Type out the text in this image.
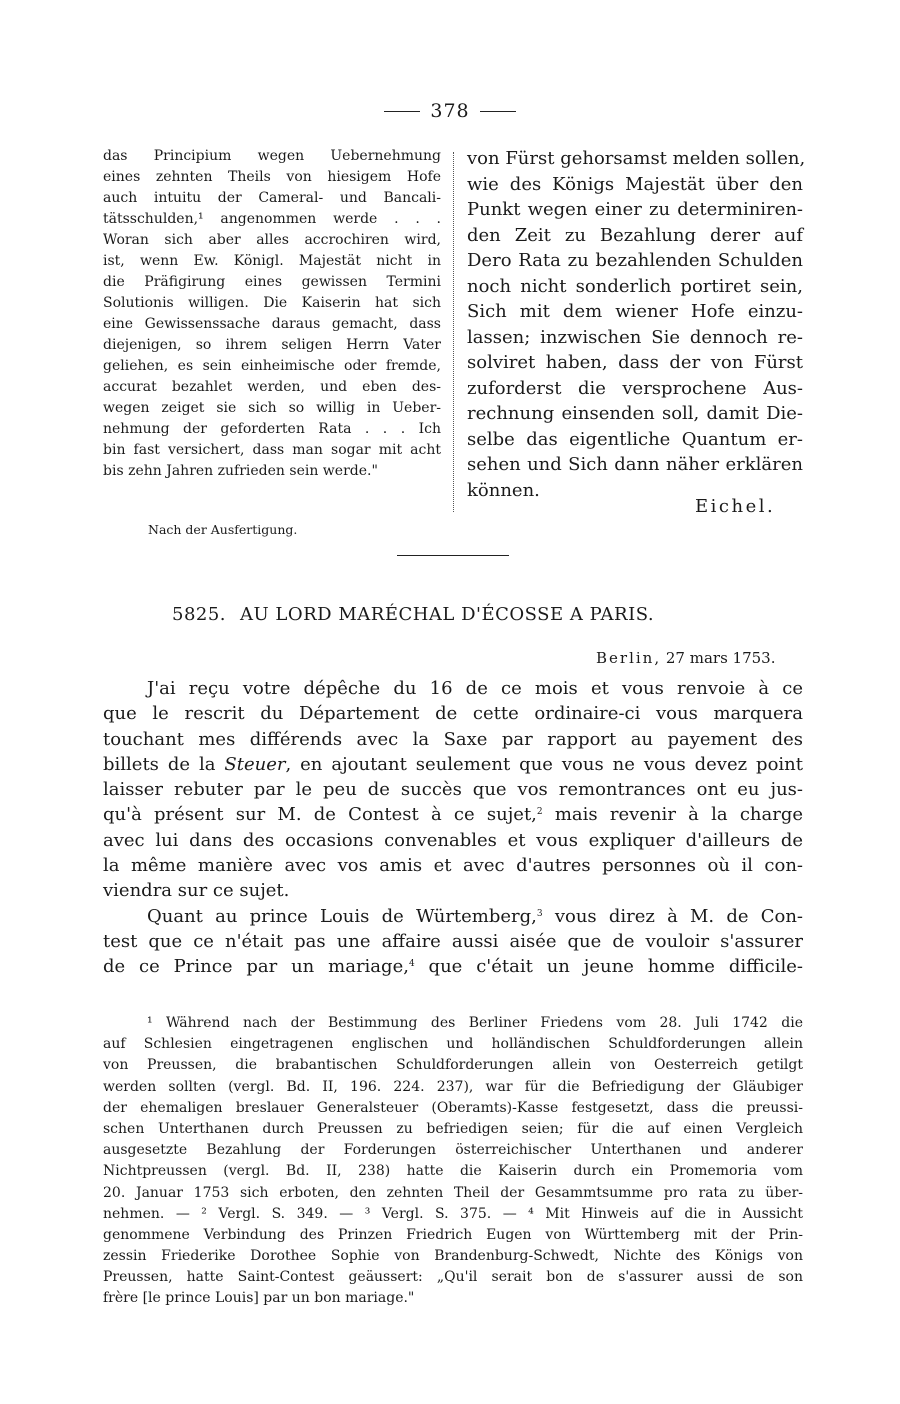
378
das Principium wegen Uebernehmung
eines zehnten Theils von hiesigem Hofe
auch intuitu der Cameral- und Bancali-
tätsschulden,¹ angenommen werde . . .
Woran sich aber alles accrochiren wird,
ist, wenn Ew. Königl. Majestät nicht in
die Präfigirung eines gewissen Termini
Solutionis willigen. Die Kaiserin hat sich
eine Gewissenssache daraus gemacht, dass
diejenigen, so ihrem seligen Herrn Vater
geliehen, es sein einheimische oder fremde,
accurat bezahlet werden, und eben des-
wegen zeiget sie sich so willig in Ueber-
nehmung der geforderten Rata . . . Ich
bin fast versichert, dass man sogar mit acht
bis zehn Jahren zufrieden sein werde."
von Fürst gehorsamst melden sollen,
wie des Königs Majestät über den
Punkt wegen einer zu determiniren-
den Zeit zu Bezahlung derer auf
Dero Rata zu bezahlenden Schulden
noch nicht sonderlich portiret sein,
Sich mit dem wiener Hofe einzu-
lassen; inzwischen Sie dennoch re-
solviret haben, dass der von Fürst
zuforderst die versprochene Aus-
rechnung einsenden soll, damit Die-
selbe das eigentliche Quantum er-
sehen und Sich dann näher erklären
können.
Eichel.
Nach der Ausfertigung.
5825. AU LORD MARÉCHAL D'ÉCOSSE A PARIS.
Berlin, 27 mars 1753.
J'ai reçu votre dépêche du 16 de ce mois et vous renvoie à ce
que le rescrit du Département de cette ordinaire-ci vous marquera
touchant mes différends avec la Saxe par rapport au payement des
billets de la Steuer, en ajoutant seulement que vous ne vous devez point
laisser rebuter par le peu de succès que vos remontrances ont eu jus-
qu'à présent sur M. de Contest à ce sujet,$^2$ mais revenir à la charge
avec lui dans des occasions convenables et vous expliquer d'ailleurs de
la même manière avec vos amis et avec d'autres personnes où il con-
viendra sur ce sujet.
Quant au prince Louis de Würtemberg,$^3$ vous direz à M. de Con-
test que ce n'était pas une affaire aussi aisée que de vouloir s'assurer
de ce Prince par un mariage,$^4$ que c'était un jeune homme difficile-
¹ Während nach der Bestimmung des Berliner Friedens vom 28. Juli 1742 die
auf Schlesien eingetragenen englischen und holländischen Schuldforderungen allein
von Preussen, die brabantischen Schuldforderungen allein von Oesterreich getilgt
werden sollten (vergl. Bd. II, 196. 224. 237), war für die Befriedigung der Gläubiger
der ehemaligen breslauer Generalsteuer (Oberamts)-Kasse festgesetzt, dass die preussi-
schen Unterthanen durch Preussen zu befriedigen seien; für die auf einen Vergleich
ausgesetzte Bezahlung der Forderungen österreichischer Unterthanen und anderer
Nichtpreussen (vergl. Bd. II, 238) hatte die Kaiserin durch ein Promemoria vom
20. Januar 1753 sich erboten, den zehnten Theil der Gesammtsumme pro rata zu über-
nehmen. — ² Vergl. S. 349. — ³ Vergl. S. 375. — ⁴ Mit Hinweis auf die in Aussicht
genommene Verbindung des Prinzen Friedrich Eugen von Württemberg mit der Prin-
zessin Friederike Dorothee Sophie von Brandenburg-Schwedt, Nichte des Königs von
Preussen, hatte Saint-Contest geäussert: „Qu'il serait bon de s'assurer aussi de son
frère [le prince Louis] par un bon mariage."
